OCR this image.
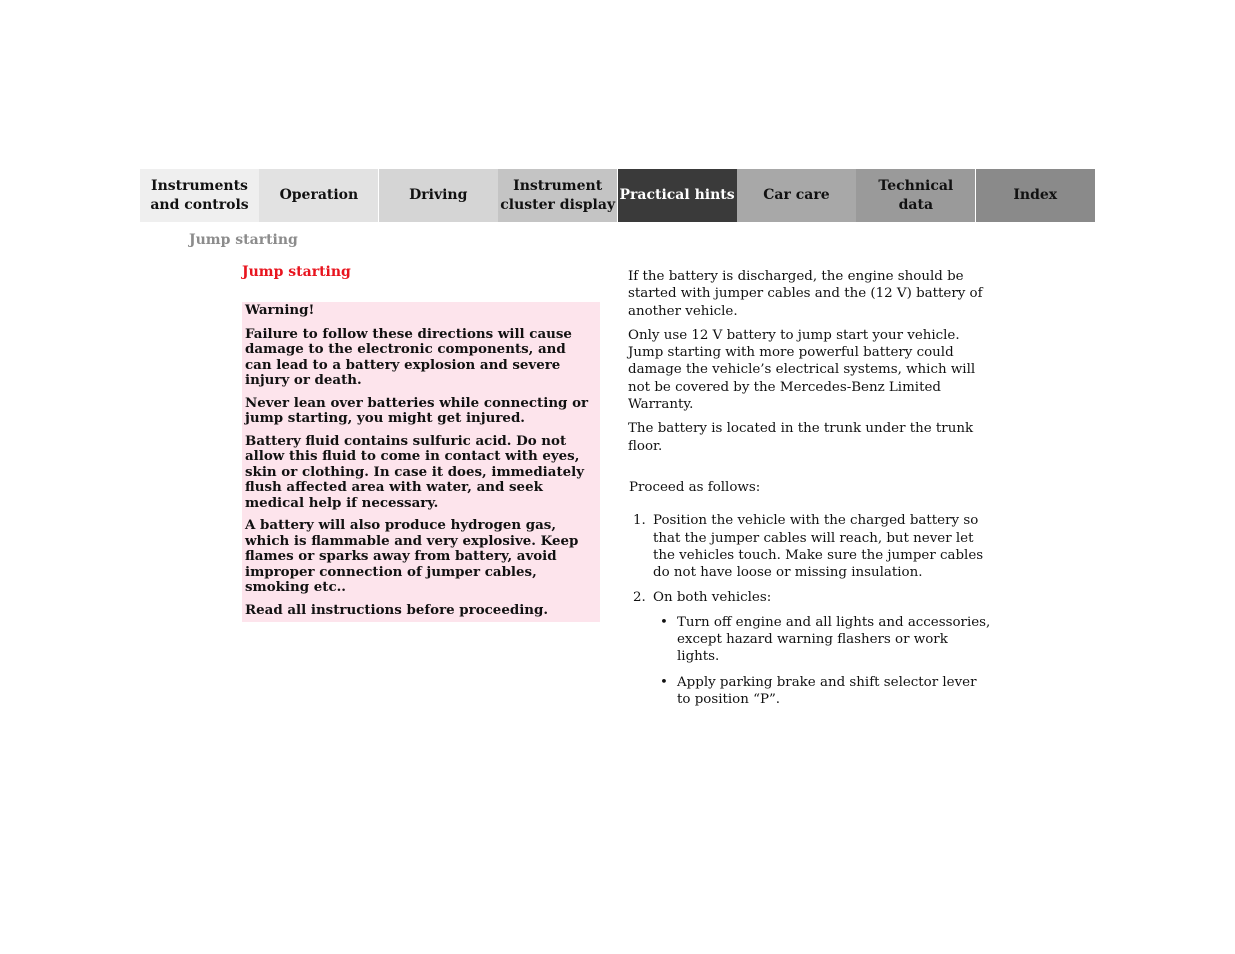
Instruments
and controls
Operation	Driving
Instrument
cluster display
Practical hints	Car care
Technical
data
Index
Jump starting
Jump starting

Warning!

Failure to follow these directions will cause damage to the electronic components, and can lead to a battery explosion and severe injury or death.

Never lean over batteries while connecting or jump starting, you might get injured.

Battery fluid contains sulfuric acid. Do not allow this fluid to come in contact with eyes, skin or clothing. In case it does, immediately flush affected area with water, and seek medical help if necessary.

A battery will also produce hydrogen gas, which is flammable and very explosive. Keep flames or sparks away from battery, avoid improper connection of jumper cables, smoking etc..

Read all instructions before proceeding.

If the battery is discharged, the engine should be started with jumper cables and the (12 V) battery of another vehicle.

Only use 12 V battery to jump start your vehicle. Jump starting with more powerful battery could damage the vehicle’s electrical systems, which will not be covered by the Mercedes-Benz Limited Warranty.

The battery is located in the trunk under the trunk floor.

Proceed as follows:

1. Position the vehicle with the charged battery so that the jumper cables will reach, but never let the vehicles touch. Make sure the jumper cables do not have loose or missing insulation.
2. On both vehicles:
• Turn off engine and all lights and accessories, except hazard warning flashers or work lights.
• Apply parking brake and shift selector lever to position “P”.
